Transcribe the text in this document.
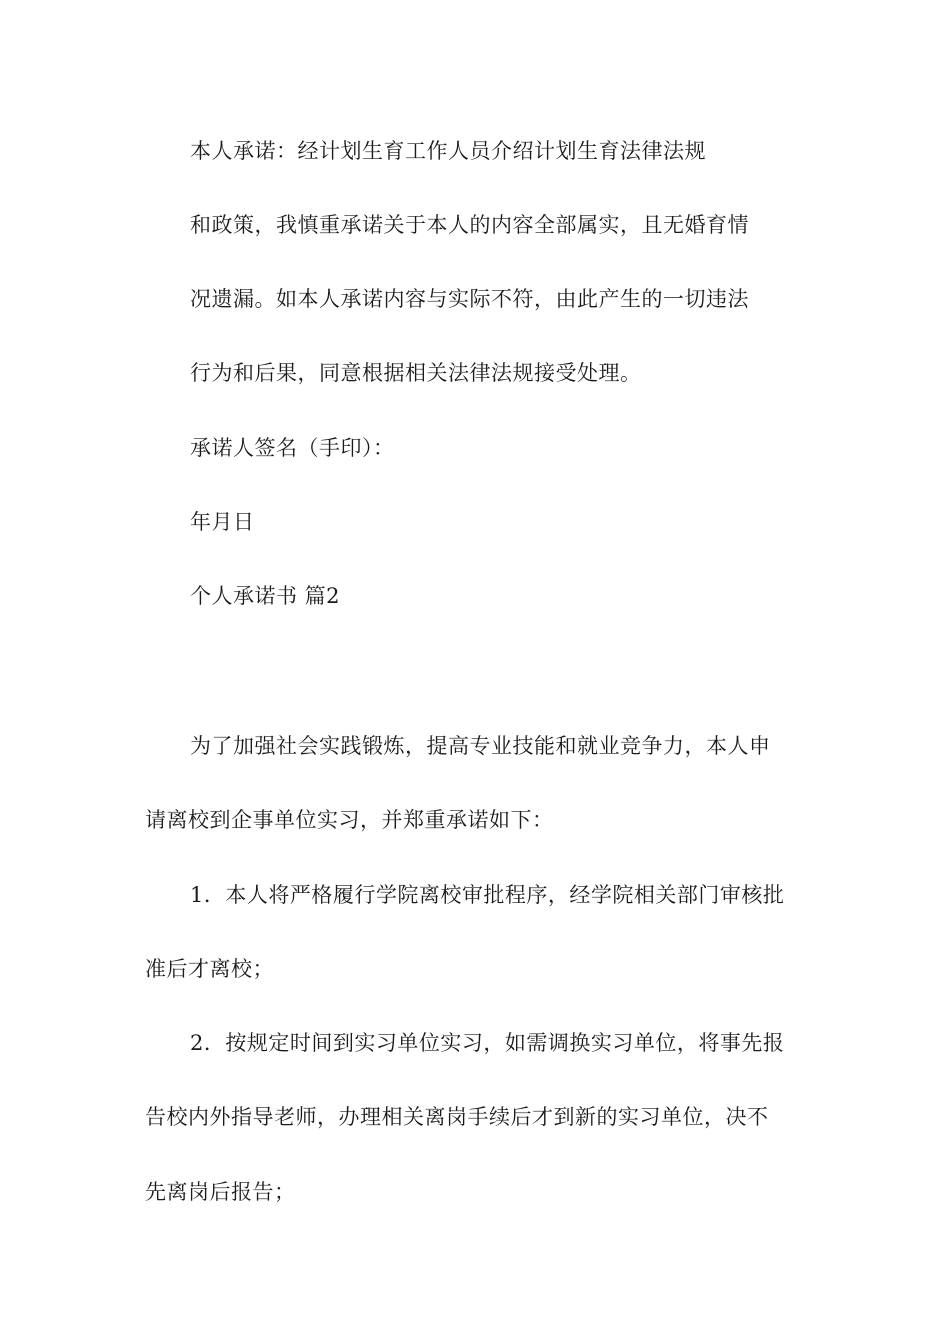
本人承诺：经计划生育工作人员介绍计划生育法律法规
和政策，我慎重承诺关于本人的内容全部属实，且无婚育情
况遗漏。如本人承诺内容与实际不符，由此产生的一切违法
行为和后果，同意根据相关法律法规接受处理。
承诺人签名（手印）：
年月日
个人承诺书 篇2
为了加强社会实践锻炼，提高专业技能和就业竞争力，本人申
请离校到企事单位实习，并郑重承诺如下：
1．本人将严格履行学院离校审批程序，经学院相关部门审核批
准后才离校；
2．按规定时间到实习单位实习，如需调换实习单位，将事先报
告校内外指导老师，办理相关离岗手续后才到新的实习单位，决不
先离岗后报告；
